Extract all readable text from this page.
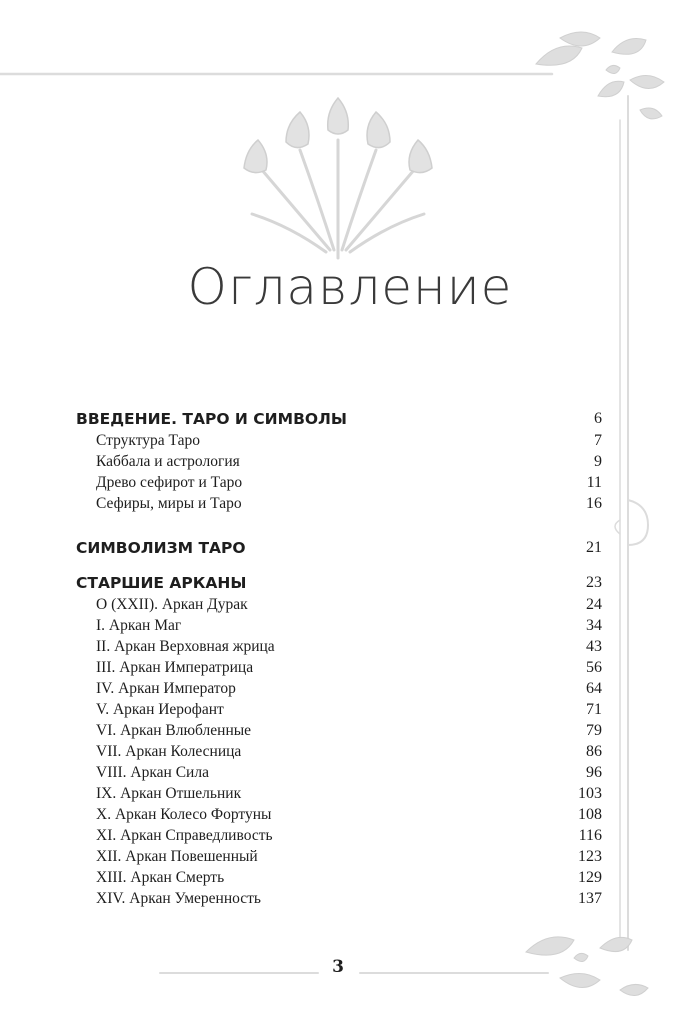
Оглавление
ВВЕДЕНИЕ. ТАРО И СИМВОЛЫ	6
Структура Таро	7
Каббала и астрология	9
Древо сефирот и Таро	11
Сефиры, миры и Таро	16
СИМВОЛИЗМ ТАРО	21
СТАРШИЕ АРКАНЫ	23
О (XXII). Аркан Дурак	24
I. Аркан Маг	34
II. Аркан Верховная жрица	43
III. Аркан Императрица	56
IV. Аркан Император	64
V. Аркан Иерофант	71
VI. Аркан Влюбленные	79
VII. Аркан Колесница	86
VIII. Аркан Сила	96
IX. Аркан Отшельник	103
X. Аркан Колесо Фортуны	108
XI. Аркан Справедливость	116
XII. Аркан Повешенный	123
XIII. Аркан Смерть	129
XIV. Аркан Умеренность	137
3
